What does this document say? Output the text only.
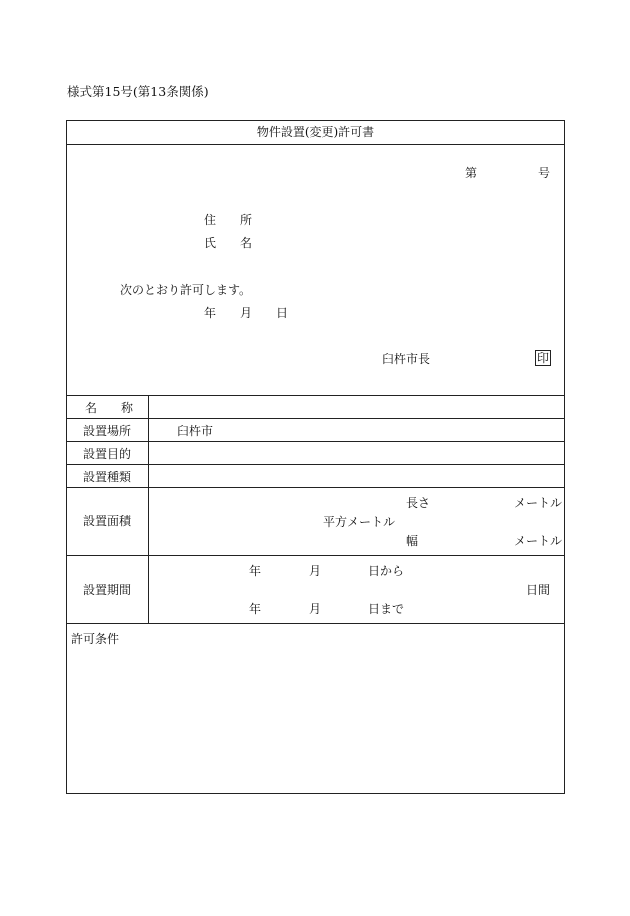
様式第15号(第13条関係)
物件設置(変更)許可書
第	号
住　　所
氏　　名
次のとおり許可します。
年 月 日
臼杵市長	印
名　　称
設置場所	臼杵市
設置目的
設置種類
設置面積
長さ	メートル
平方メートル
幅	メートル
設置期間
年	月	日から
日間
年	月	日まで
許可条件
